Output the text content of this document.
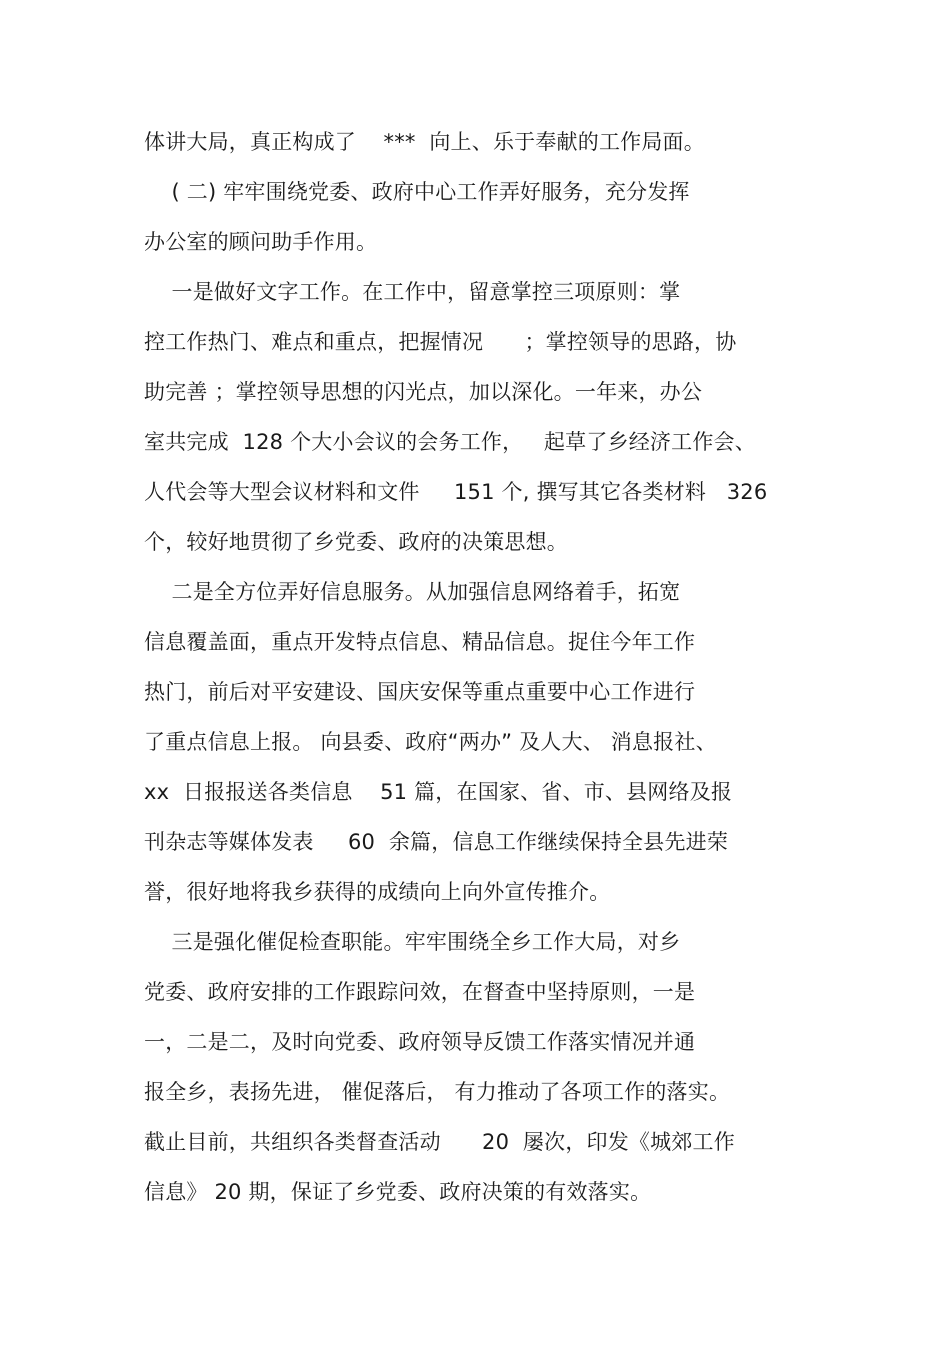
体讲大局，真正构成了    ***  向上、乐于奉献的工作局面。
( 二) 牢牢围绕党委、政府中心工作弄好服务，充分发挥
办公室的顾问助手作用。
一是做好文字工作。在工作中，留意掌控三项原则：掌
控工作热门、难点和重点，把握情况      ；掌控领导的思路，协
助完善 ；掌控领导思想的闪光点，加以深化。一年来，办公
室共完成  128 个大小会议的会务工作，   起草了乡经济工作会、
人代会等大型会议材料和文件     151 个, 撰写其它各类材料   326
个，较好地贯彻了乡党委、政府的决策思想。
二是全方位弄好信息服务。从加强信息网络着手，拓宽
信息覆盖面，重点开发特点信息、精品信息。捉住今年工作
热门，前后对平安建设、国庆安保等重点重要中心工作进行
了重点信息上报。 向县委、政府“两办” 及人大、 消息报社、
xx  日报报送各类信息    51 篇，在国家、省、市、县网络及报
刊杂志等媒体发表     60  余篇，信息工作继续保持全县先进荣
誉，很好地将我乡获得的成绩向上向外宣传推介。
三是强化催促检查职能。牢牢围绕全乡工作大局，对乡
党委、政府安排的工作跟踪问效，在督查中坚持原则，一是
一，二是二，及时向党委、政府领导反馈工作落实情况并通
报全乡，表扬先进， 催促落后， 有力推动了各项工作的落实。
截止目前，共组织各类督查活动      20  屡次，印发《城郊工作
信息》 20 期，保证了乡党委、政府决策的有效落实。
